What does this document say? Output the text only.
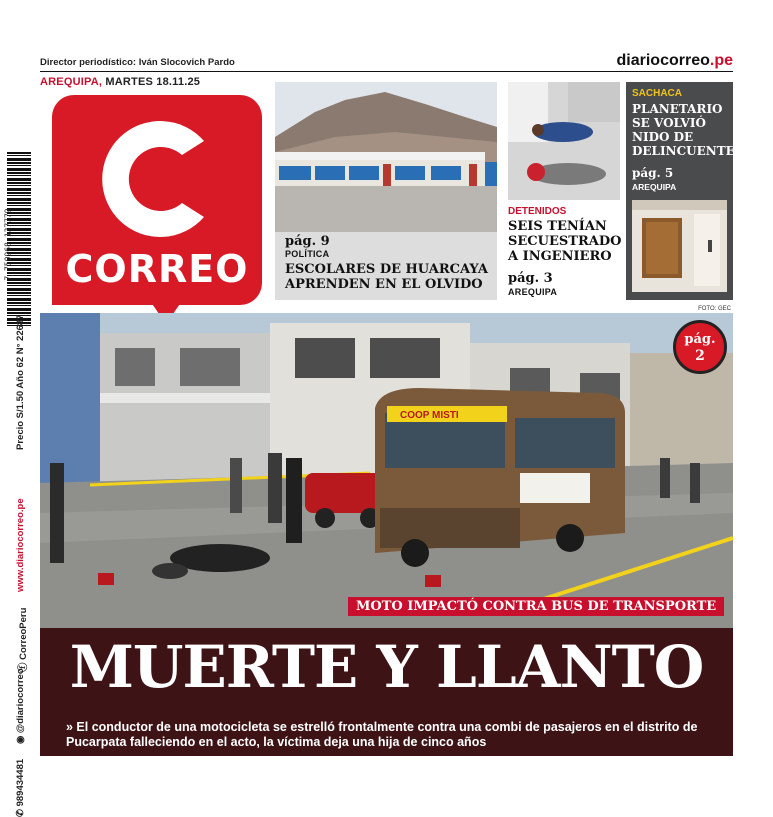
Director periodístico: Iván Slocovich Pardo	diariocorreo.pe
AREQUIPA, MARTES 18.11.25
7 750968 137779
Precio S/1.50 Año 62 N° 22687
www.diariocorreo.pe
ⓕ CorreoPeru
◉ @diariocorreo
✆ 989434481
CORREO
pág. 9
POLÍTICA
ESCOLARES DE HUARCAYA APRENDEN EN EL OLVIDO
DETENIDOS
SEIS TENÍAN SECUESTRADO A INGENIERO
pág. 3
AREQUIPA
SACHACA
PLANETARIO SE VOLVIÓ NIDO DE DELINCUENTES
pág. 5
AREQUIPA
FOTO: GEC
COOP MISTI
pág.
2
MOTO IMPACTÓ CONTRA BUS DE TRANSPORTE
MUERTE Y LLANTO
» El conductor de una motocicleta se estrelló frontalmente contra una combi de pasajeros en el distrito de Pucarpata falleciendo en el acto, la víctima deja una hija de cinco años
